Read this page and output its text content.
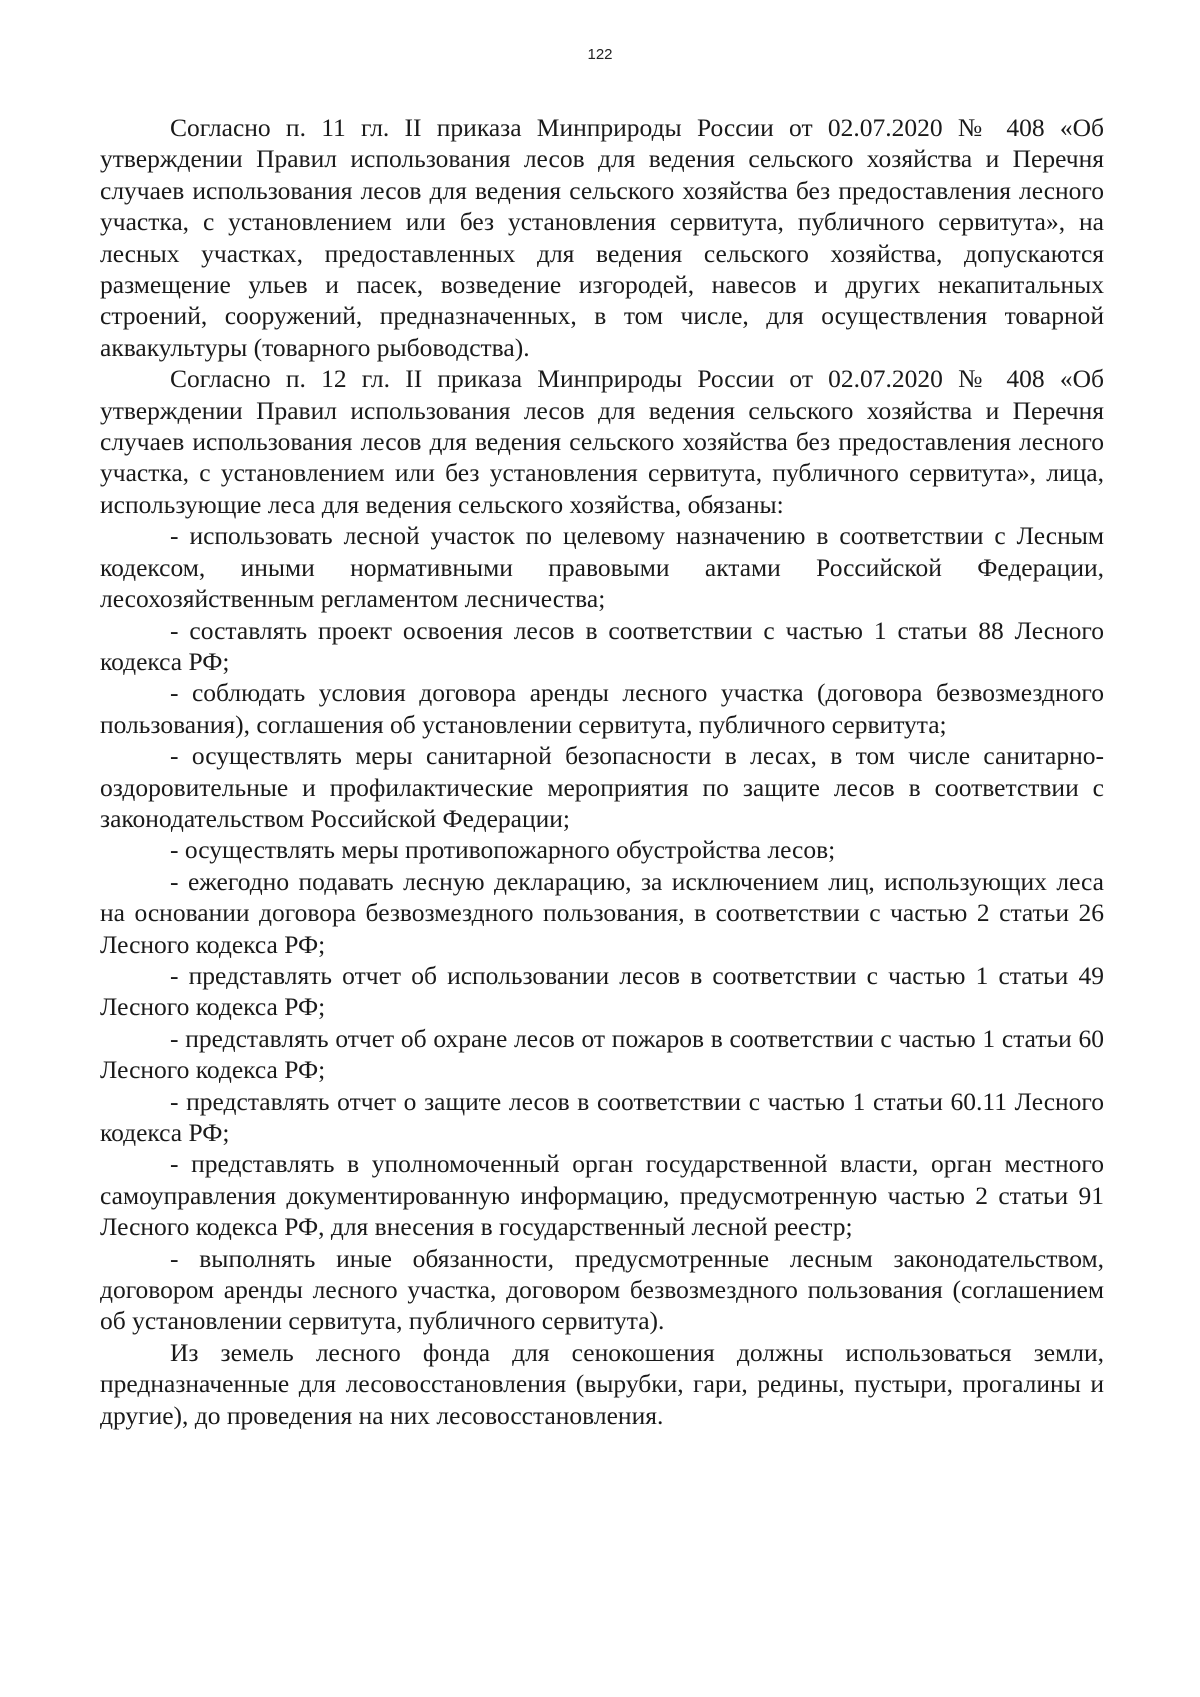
122

Согласно п. 11 гл. II приказа Минприроды России от 02.07.2020 № 408 «Об утверждении Правил использования лесов для ведения сельского хозяйства и Перечня случаев использования лесов для ведения сельского хозяйства без предоставления лесного участка, с установлением или без установления сервитута, публичного сервитута», на лесных участках, предоставленных для ведения сельского хозяйства, допускаются размещение ульев и пасек, возведение изгородей, навесов и других некапитальных строений, сооружений, предназначенных, в том числе, для осуществления товарной аквакультуры (товарного рыбоводства).

Согласно п. 12 гл. II приказа Минприроды России от 02.07.2020 № 408 «Об утверждении Правил использования лесов для ведения сельского хозяйства и Перечня случаев использования лесов для ведения сельского хозяйства без предоставления лесного участка, с установлением или без установления сервитута, публичного сервитута», лица, использующие леса для ведения сельского хозяйства, обязаны:

- использовать лесной участок по целевому назначению в соответствии с Лесным кодексом, иными нормативными правовыми актами Российской Федерации, лесохозяйственным регламентом лесничества;

- составлять проект освоения лесов в соответствии с частью 1 статьи 88 Лесного кодекса РФ;

- соблюдать условия договора аренды лесного участка (договора безвозмездного пользования), соглашения об установлении сервитута, публичного сервитута;

- осуществлять меры санитарной безопасности в лесах, в том числе санитарно-оздоровительные и профилактические мероприятия по защите лесов в соответствии с законодательством Российской Федерации;

- осуществлять меры противопожарного обустройства лесов;

- ежегодно подавать лесную декларацию, за исключением лиц, использующих леса на основании договора безвозмездного пользования, в соответствии с частью 2 статьи 26 Лесного кодекса РФ;

- представлять отчет об использовании лесов в соответствии с частью 1 статьи 49 Лесного кодекса РФ;

- представлять отчет об охране лесов от пожаров в соответствии с частью 1 статьи 60 Лесного кодекса РФ;

- представлять отчет о защите лесов в соответствии с частью 1 статьи 60.11 Лесного кодекса РФ;

- представлять в уполномоченный орган государственной власти, орган местного самоуправления документированную информацию, предусмотренную частью 2 статьи 91 Лесного кодекса РФ, для внесения в государственный лесной реестр;

- выполнять иные обязанности, предусмотренные лесным законодательством, договором аренды лесного участка, договором безвозмездного пользования (соглашением об установлении сервитута, публичного сервитута).

Из земель лесного фонда для сенокошения должны использоваться земли, предназначенные для лесовосстановления (вырубки, гари, редины, пустыри, прогалины и другие), до проведения на них лесовосстановления.
